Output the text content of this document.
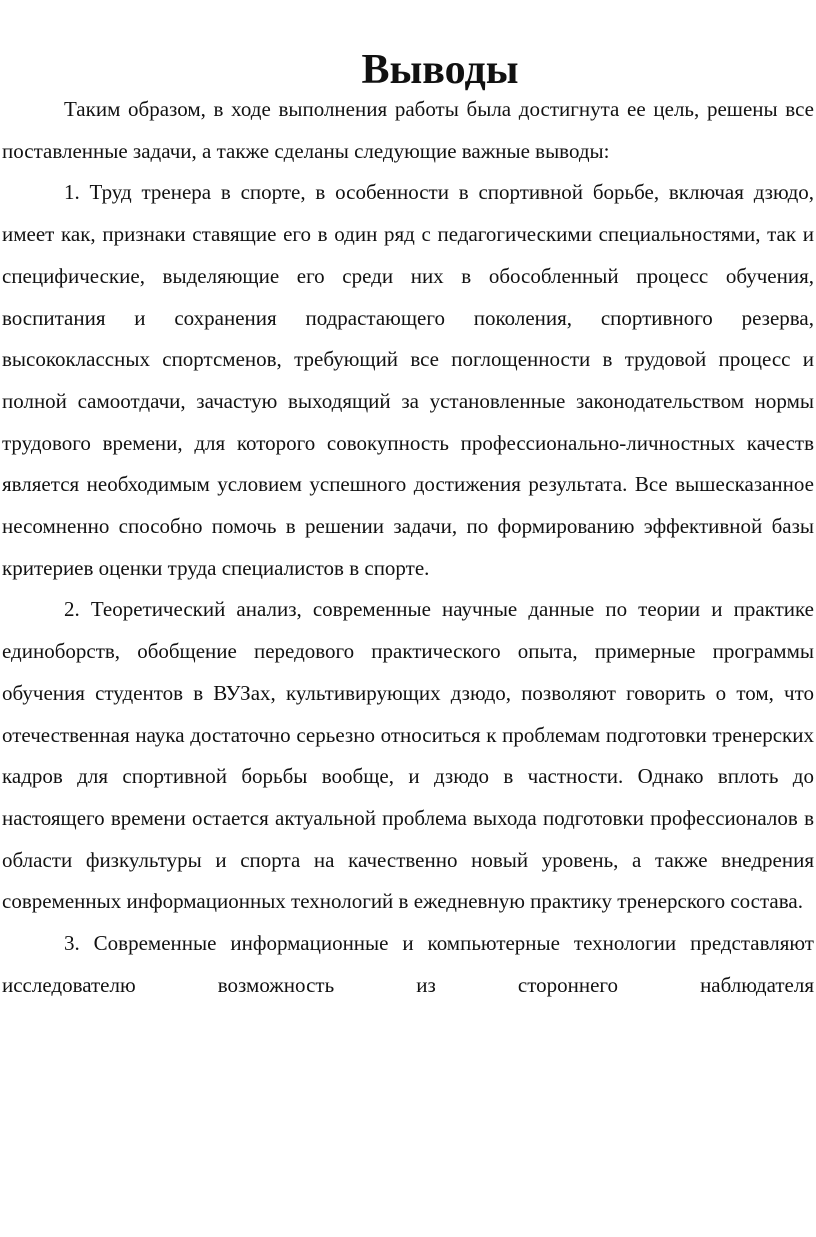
Выводы

Таким образом, в ходе выполнения работы была достигнута ее цель, решены все поставленные задачи, а также сделаны следующие важные выводы:

1. Труд тренера в спорте, в особенности в спортивной борьбе, включая дзюдо, имеет как, признаки ставящие его в один ряд с педагогическими специальностями, так и специфические, выделяющие его среди них в обособленный процесс обучения, воспитания и сохранения подрастающего поколения, спортивного резерва, высококлассных спортсменов, требующий все поглощенности в трудовой процесс и полной самоотдачи, зачастую выходящий за установленные законодательством нормы трудового времени, для которого совокупность профессионально-личностных качеств является необходимым условием успешного достижения результата. Все вышесказанное несомненно способно помочь в решении задачи, по формированию эффективной базы критериев оценки труда специалистов в спорте.

2. Теоретический анализ, современные научные данные по теории и практике единоборств, обобщение передового практического опыта, примерные программы обучения студентов в ВУЗах, культивирующих дзюдо, позволяют говорить о том, что отечественная наука достаточно серьезно относиться к проблемам подготовки тренерских кадров для спортивной борьбы вообще, и дзюдо в частности. Однако вплоть до настоящего времени остается актуальной проблема выхода подготовки профессионалов в области физкультуры и спорта на качественно новый уровень, а также внедрения современных информационных технологий в ежедневную практику тренерского состава.

3. Современные информационные и компьютерные технологии представляют исследователю возможность из стороннего наблюдателя
